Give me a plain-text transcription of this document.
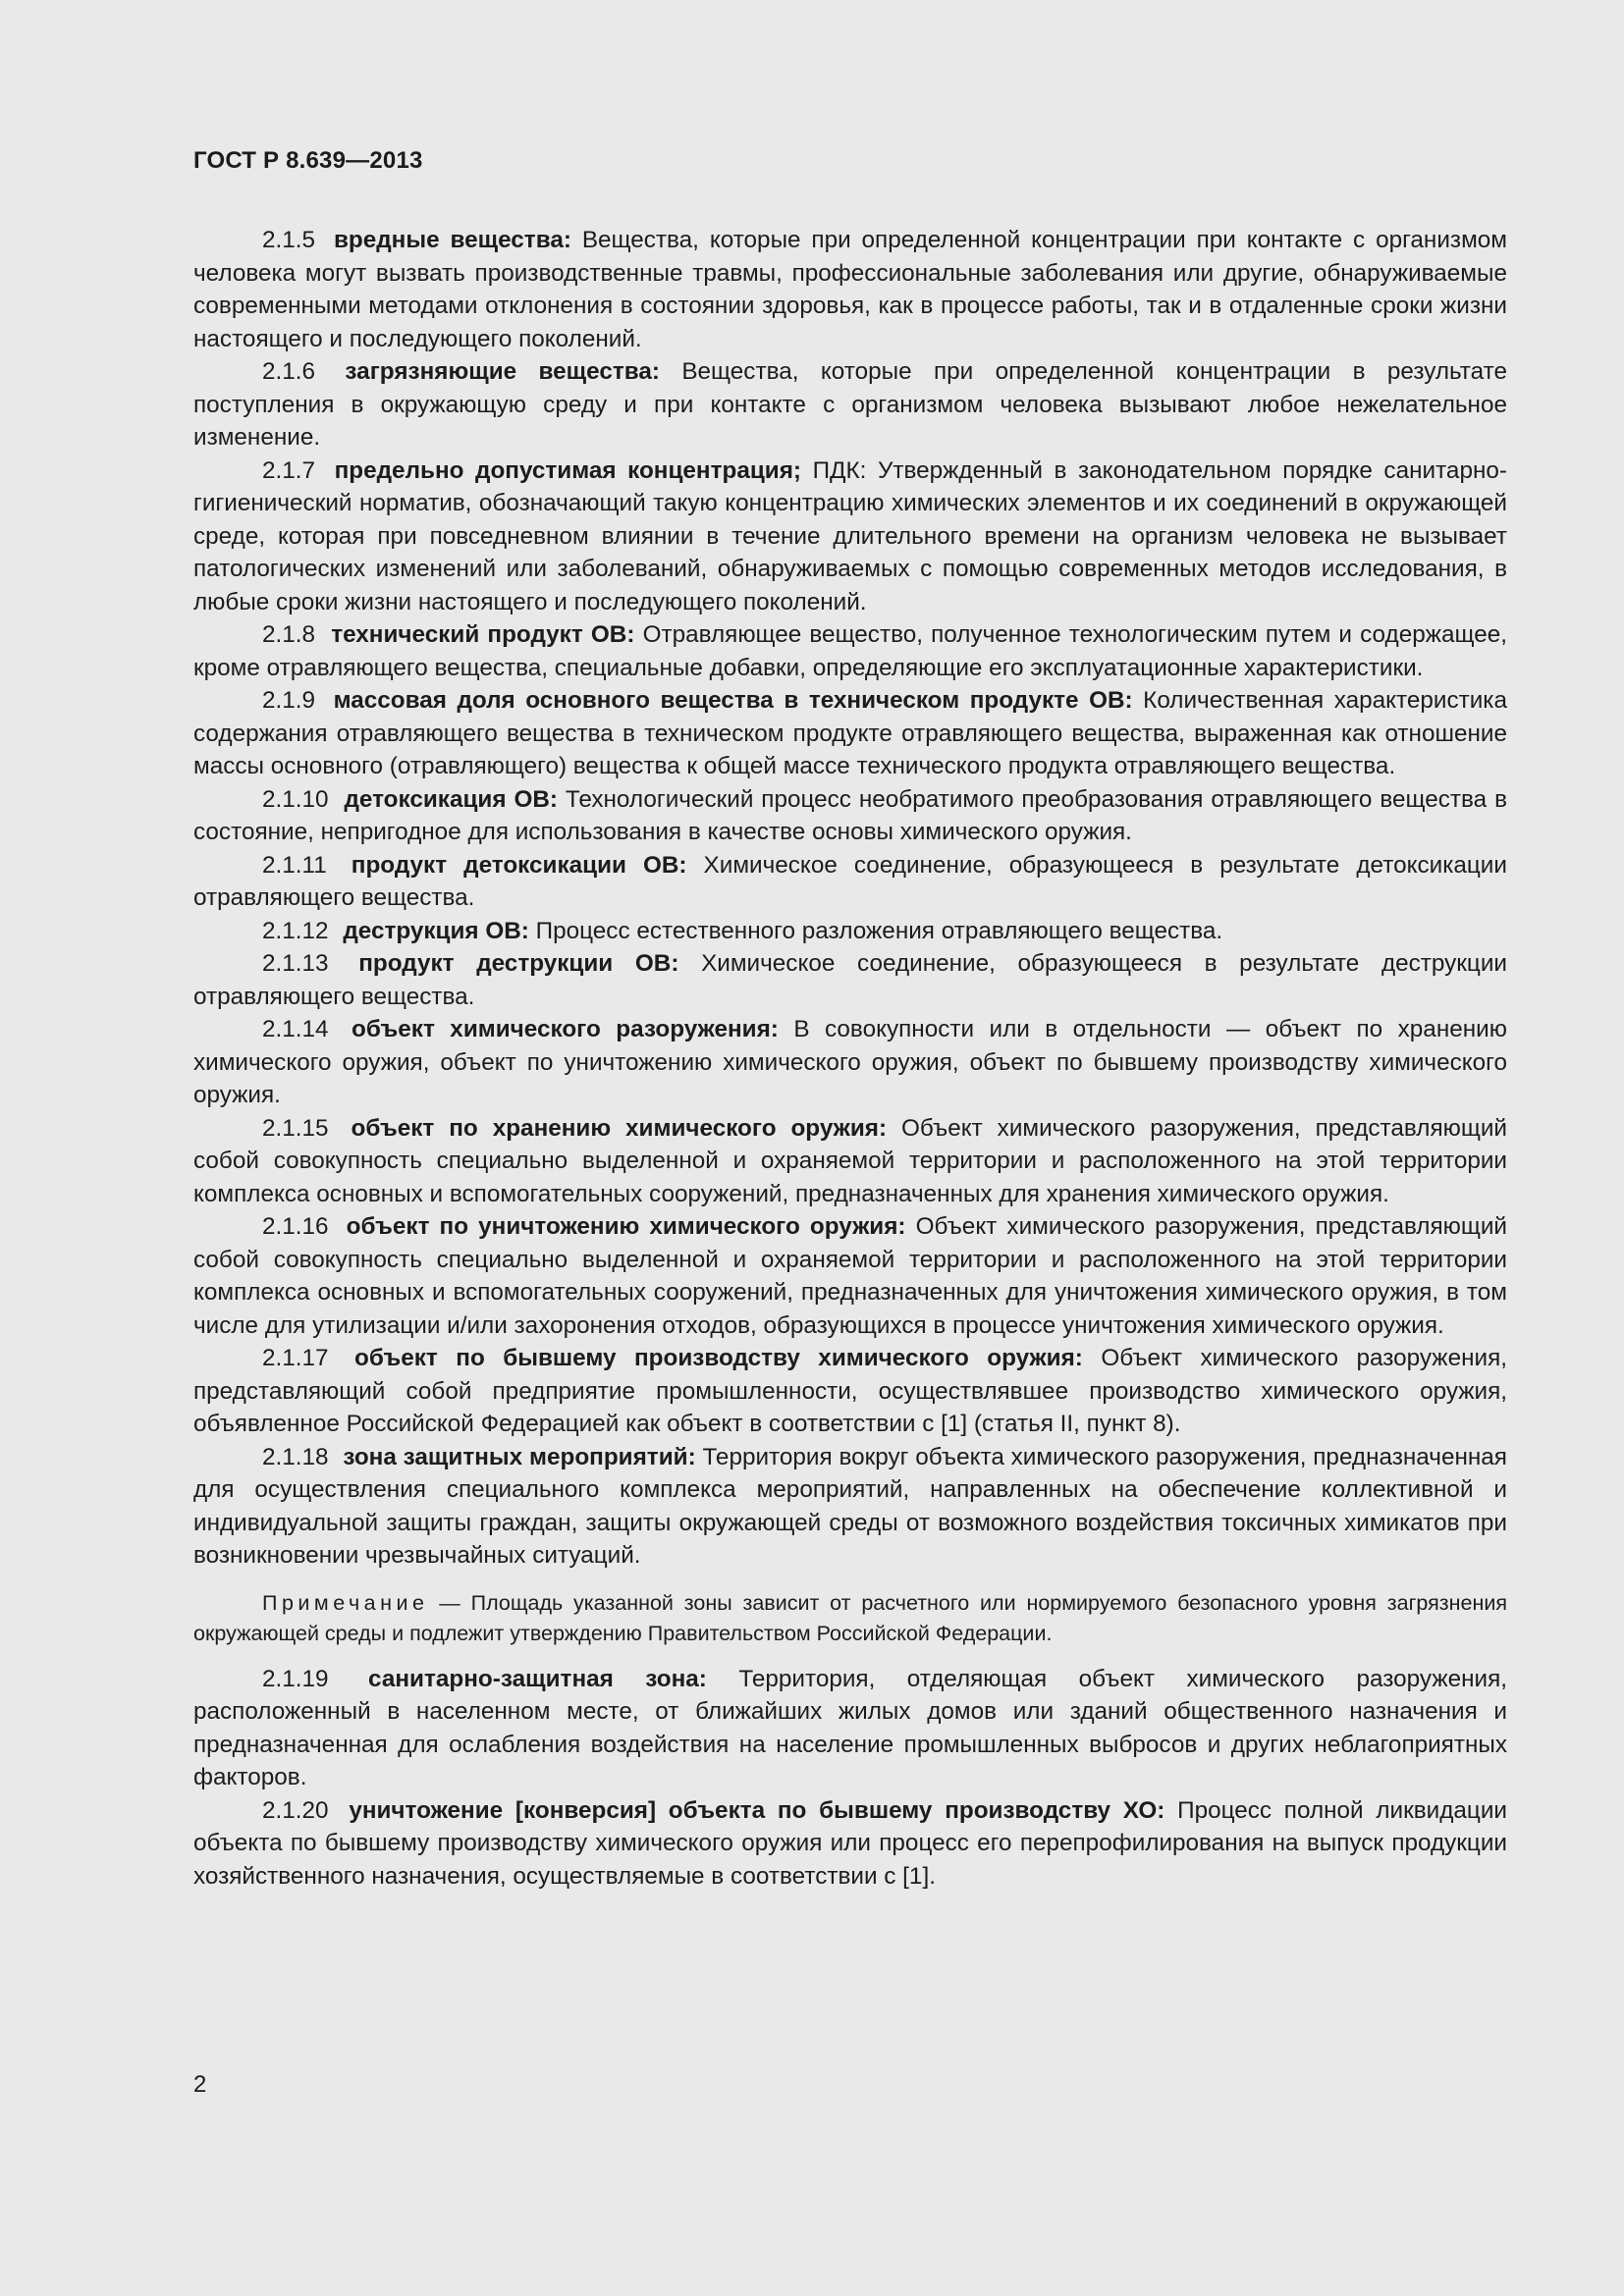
ГОСТ Р 8.639—2013

2.1.5 вредные вещества: Вещества, которые при определенной концентрации при контакте с организмом человека могут вызвать производственные травмы, профессиональные заболевания или другие, обнаруживаемые современными методами отклонения в состоянии здоровья, как в процессе работы, так и в отдаленные сроки жизни настоящего и последующего поколений.

2.1.6 загрязняющие вещества: Вещества, которые при определенной концентрации в результате поступления в окружающую среду и при контакте с организмом человека вызывают любое нежелательное изменение.

2.1.7 предельно допустимая концентрация; ПДК: Утвержденный в законодательном порядке санитарно-гигиенический норматив, обозначающий такую концентрацию химических элементов и их соединений в окружающей среде, которая при повседневном влиянии в течение длительного времени на организм человека не вызывает патологических изменений или заболеваний, обнаруживаемых с помощью современных методов исследования, в любые сроки жизни настоящего и последующего поколений.

2.1.8 технический продукт ОВ: Отравляющее вещество, полученное технологическим путем и содержащее, кроме отравляющего вещества, специальные добавки, определяющие его эксплуатационные характеристики.

2.1.9 массовая доля основного вещества в техническом продукте ОВ: Количественная характеристика содержания отравляющего вещества в техническом продукте отравляющего вещества, выраженная как отношение массы основного (отравляющего) вещества к общей массе технического продукта отравляющего вещества.

2.1.10 детоксикация ОВ: Технологический процесс необратимого преобразования отравляющего вещества в состояние, непригодное для использования в качестве основы химического оружия.

2.1.11 продукт детоксикации ОВ: Химическое соединение, образующееся в результате детоксикации отравляющего вещества.

2.1.12 деструкция ОВ: Процесс естественного разложения отравляющего вещества.

2.1.13 продукт деструкции ОВ: Химическое соединение, образующееся в результате деструкции отравляющего вещества.

2.1.14 объект химического разоружения: В совокупности или в отдельности — объект по хранению химического оружия, объект по уничтожению химического оружия, объект по бывшему производству химического оружия.

2.1.15 объект по хранению химического оружия: Объект химического разоружения, представляющий собой совокупность специально выделенной и охраняемой территории и расположенного на этой территории комплекса основных и вспомогательных сооружений, предназначенных для хранения химического оружия.

2.1.16 объект по уничтожению химического оружия: Объект химического разоружения, представляющий собой совокупность специально выделенной и охраняемой территории и расположенного на этой территории комплекса основных и вспомогательных сооружений, предназначенных для уничтожения химического оружия, в том числе для утилизации и/или захоронения отходов, образующихся в процессе уничтожения химического оружия.

2.1.17 объект по бывшему производству химического оружия: Объект химического разоружения, представляющий собой предприятие промышленности, осуществлявшее производство химического оружия, объявленное Российской Федерацией как объект в соответствии с [1] (статья II, пункт 8).

2.1.18 зона защитных мероприятий: Территория вокруг объекта химического разоружения, предназначенная для осуществления специального комплекса мероприятий, направленных на обеспечение коллективной и индивидуальной защиты граждан, защиты окружающей среды от возможного воздействия токсичных химикатов при возникновении чрезвычайных ситуаций.

Примечание — Площадь указанной зоны зависит от расчетного или нормируемого безопасного уровня загрязнения окружающей среды и подлежит утверждению Правительством Российской Федерации.

2.1.19 санитарно-защитная зона: Территория, отделяющая объект химического разоружения, расположенный в населенном месте, от ближайших жилых домов или зданий общественного назначения и предназначенная для ослабления воздействия на население промышленных выбросов и других неблагоприятных факторов.

2.1.20 уничтожение [конверсия] объекта по бывшему производству ХО: Процесс полной ликвидации объекта по бывшему производству химического оружия или процесс его перепрофилирования на выпуск продукции хозяйственного назначения, осуществляемые в соответствии с [1].

2
